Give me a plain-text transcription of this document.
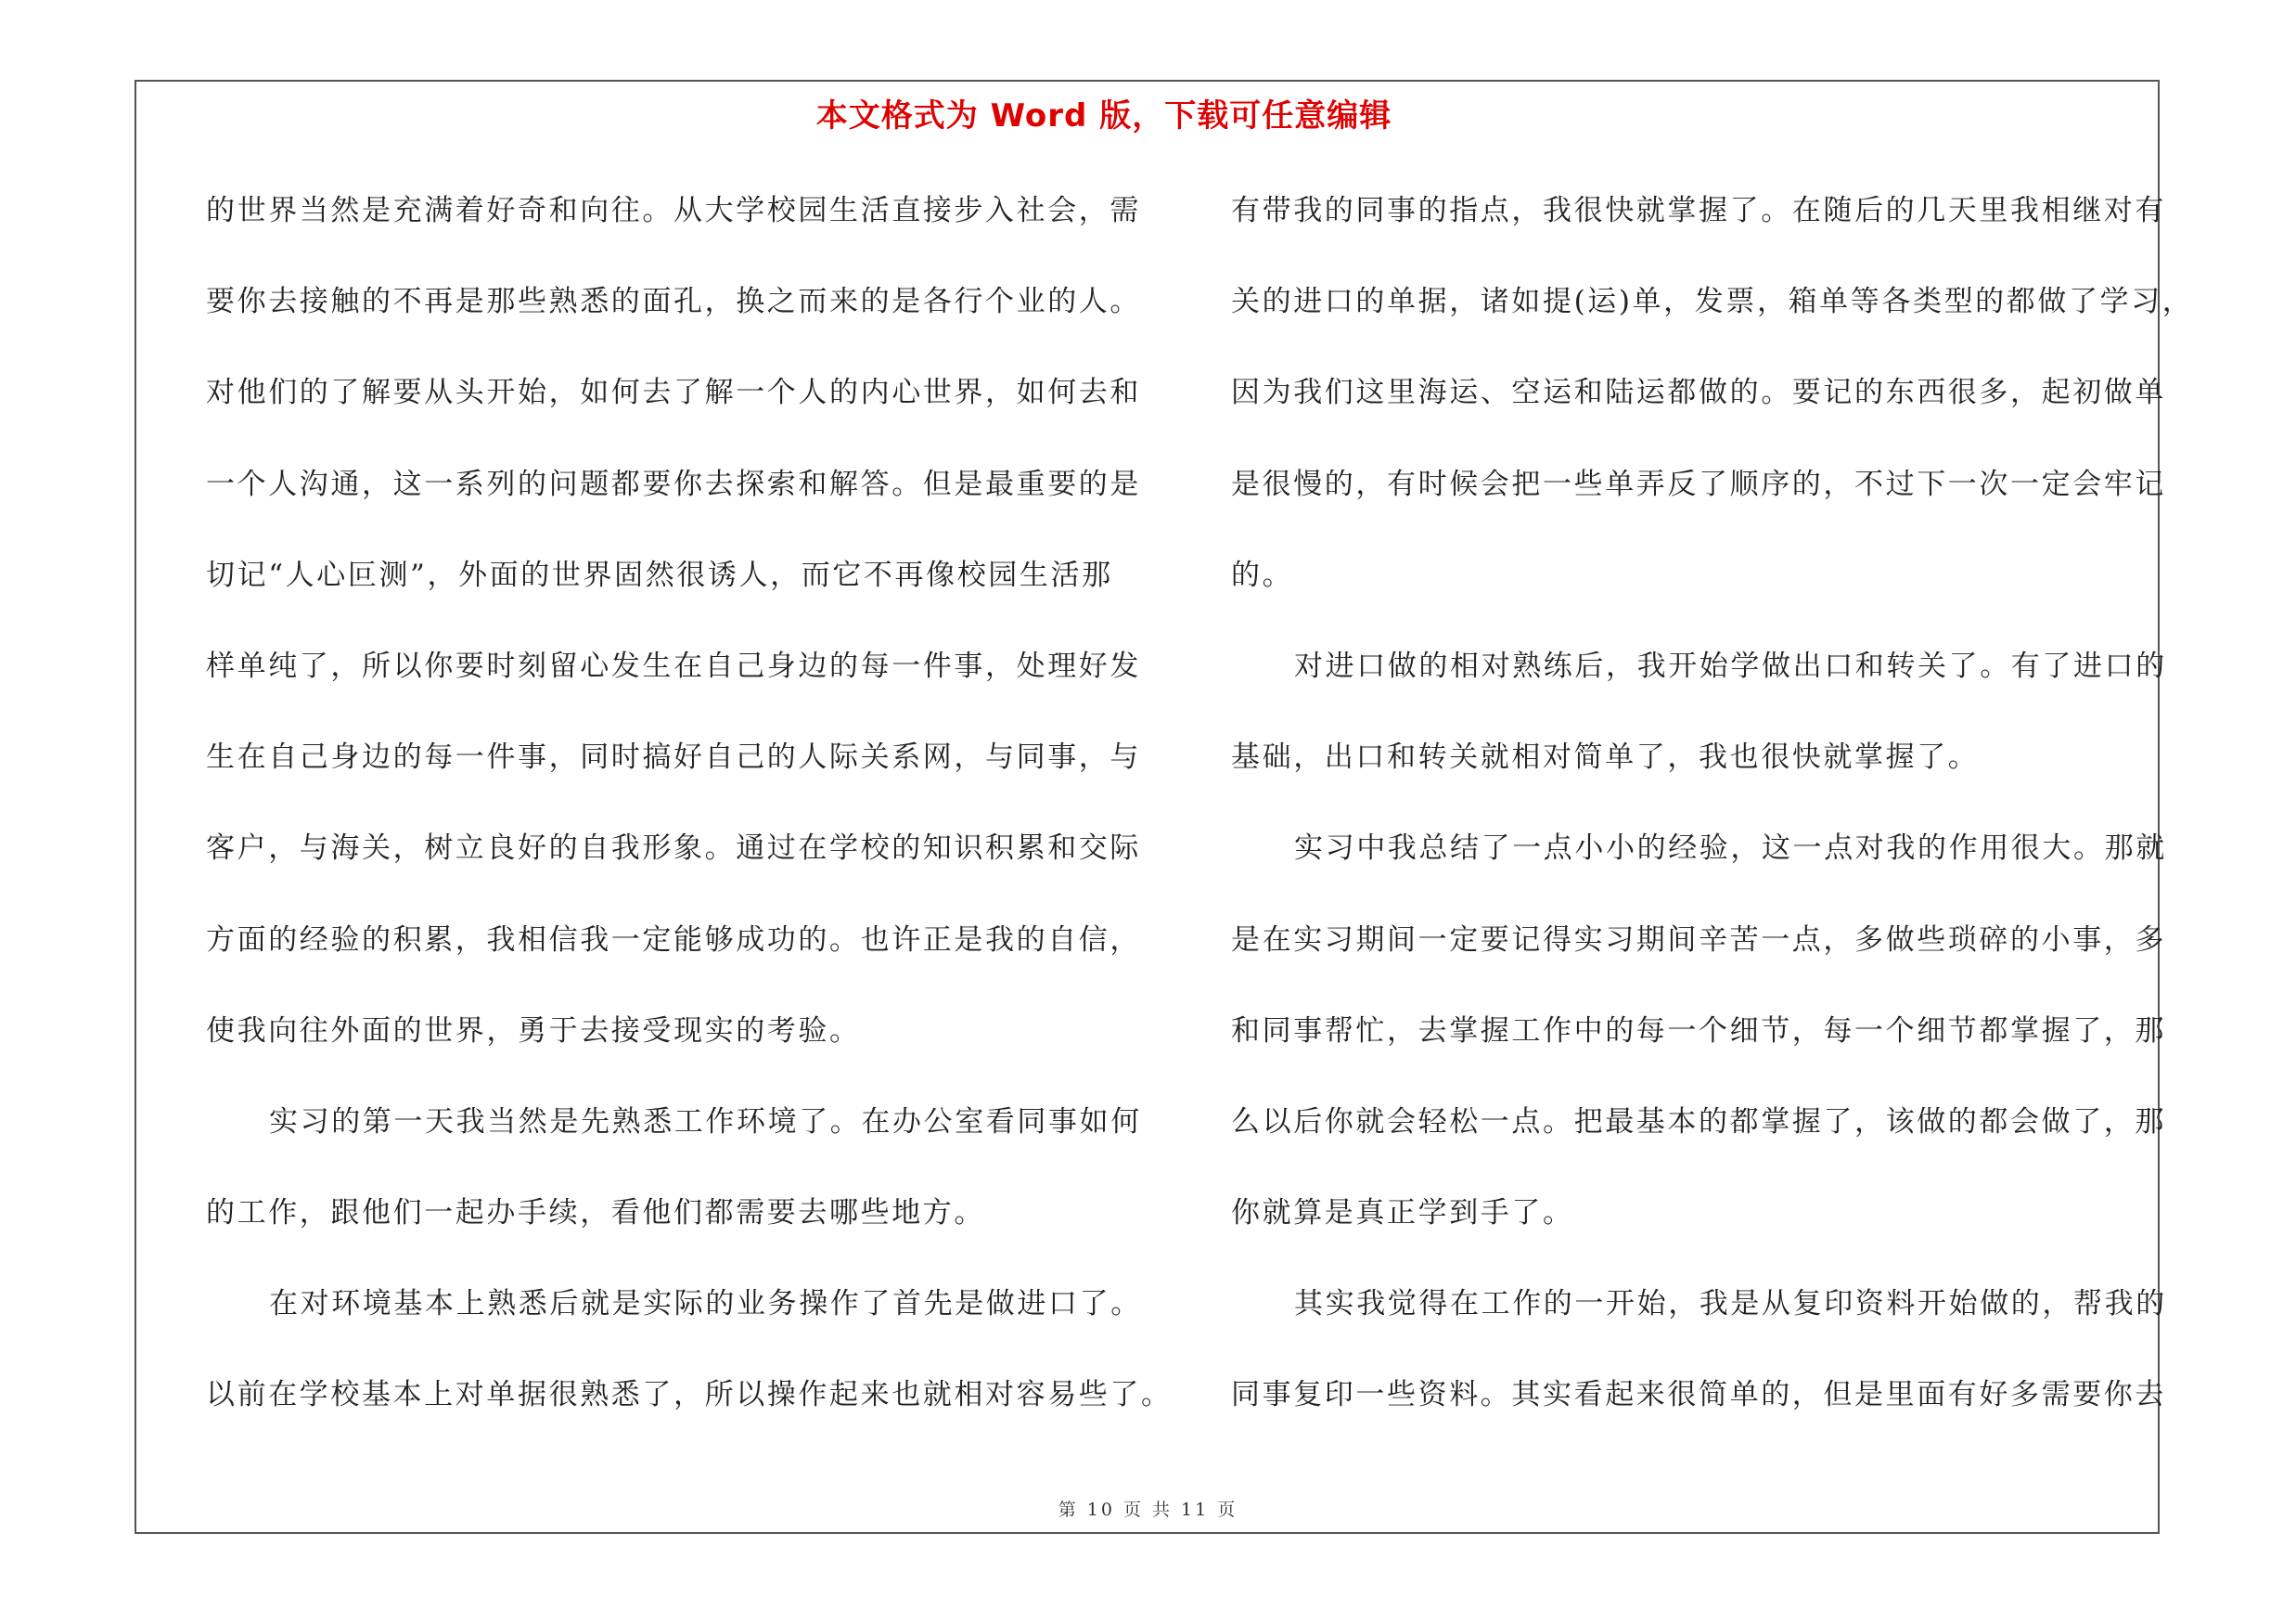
本文格式为 Word 版，下载可任意编辑
的世界当然是充满着好奇和向往。从大学校园生活直接步入社会，需
要你去接触的不再是那些熟悉的面孔，换之而来的是各行个业的人。
对他们的了解要从头开始，如何去了解一个人的内心世界，如何去和
一个人沟通，这一系列的问题都要你去探索和解答。但是最重要的是
切记“人心叵测”，外面的世界固然很诱人，而它不再像校园生活那
样单纯了，所以你要时刻留心发生在自己身边的每一件事，处理好发
生在自己身边的每一件事，同时搞好自己的人际关系网，与同事，与
客户，与海关，树立良好的自我形象。通过在学校的知识积累和交际
方面的经验的积累，我相信我一定能够成功的。也许正是我的自信，
使我向往外面的世界，勇于去接受现实的考验。
实习的第一天我当然是先熟悉工作环境了。在办公室看同事如何
的工作，跟他们一起办手续，看他们都需要去哪些地方。
在对环境基本上熟悉后就是实际的业务操作了首先是做进口了。
以前在学校基本上对单据很熟悉了，所以操作起来也就相对容易些了。
有带我的同事的指点，我很快就掌握了。在随后的几天里我相继对有
关的进口的单据，诸如提(运)单，发票，箱单等各类型的都做了学习，
因为我们这里海运、空运和陆运都做的。要记的东西很多，起初做单
是很慢的，有时候会把一些单弄反了顺序的，不过下一次一定会牢记
的。
对进口做的相对熟练后，我开始学做出口和转关了。有了进口的
基础，出口和转关就相对简单了，我也很快就掌握了。
实习中我总结了一点小小的经验，这一点对我的作用很大。那就
是在实习期间一定要记得实习期间辛苦一点，多做些琐碎的小事，多
和同事帮忙，去掌握工作中的每一个细节，每一个细节都掌握了，那
么以后你就会轻松一点。把最基本的都掌握了，该做的都会做了，那
你就算是真正学到手了。
其实我觉得在工作的一开始，我是从复印资料开始做的，帮我的
同事复印一些资料。其实看起来很简单的，但是里面有好多需要你去
第 10 页 共 11 页
